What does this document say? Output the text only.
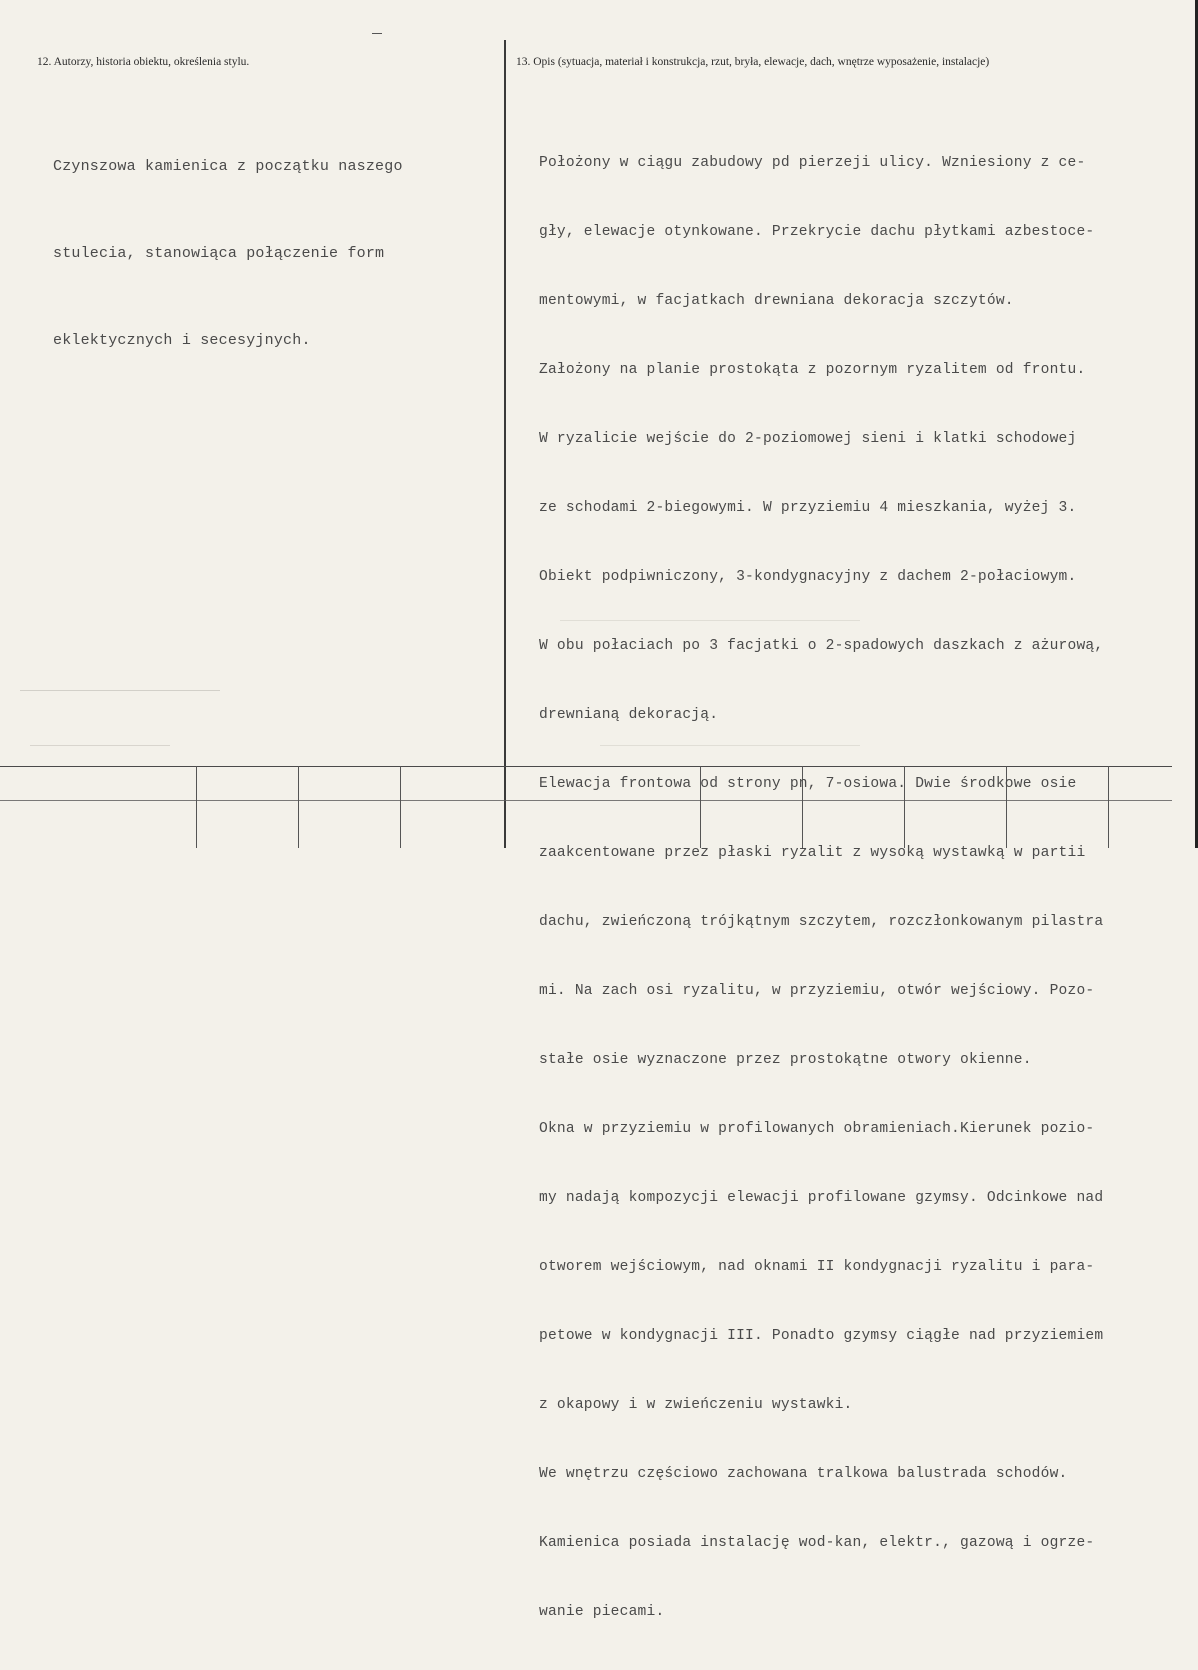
12. Autorzy, historia obiektu, określenia stylu.	13. Opis (sytuacja, materiał i konstrukcja, rzut, bryła, elewacje, dach, wnętrze wyposażenie, instalacje)

Czynszowa kamienica z początku naszego

stulecia, stanowiąca połączenie form

eklektycznych i secesyjnych.

Położony w ciągu zabudowy pd pierzeji ulicy. Wzniesiony z ce-

gły, elewacje otynkowane. Przekrycie dachu płytkami azbestoce-

mentowymi, w facjatkach drewniana dekoracja szczytów.

Założony na planie prostokąta z pozornym ryzalitem od frontu.

W ryzalicie wejście do 2-poziomowej sieni i klatki schodowej

ze schodami 2-biegowymi. W przyziemiu 4 mieszkania, wyżej 3.

Obiekt podpiwniczony, 3-kondygnacyjny z dachem 2-połaciowym.

W obu połaciach po 3 facjatki o 2-spadowych daszkach z ażurową,

drewnianą dekoracją.

Elewacja frontowa od strony pn, 7-osiowa. Dwie środkowe osie

zaakcentowane przez płaski ryzalit z wysoką wystawką w partii

dachu, zwieńczoną trójkątnym szczytem, rozczłonkowanym pilastra

mi. Na zach osi ryzalitu, w przyziemiu, otwór wejściowy. Pozo-

stałe osie wyznaczone przez prostokątne otwory okienne.

Okna w przyziemiu w profilowanych obramieniach.Kierunek pozio-

my nadają kompozycji elewacji profilowane gzymsy. Odcinkowe nad

otworem wejściowym, nad oknami II kondygnacji ryzalitu i para-

petowe w kondygnacji III. Ponadto gzymsy ciągłe nad przyziemiem

z okapowy i w zwieńczeniu wystawki.

We wnętrzu częściowo zachowana tralkowa balustrada schodów.

Kamienica posiada instalację wod-kan, elektr., gazową i ogrze-

wanie piecami.
